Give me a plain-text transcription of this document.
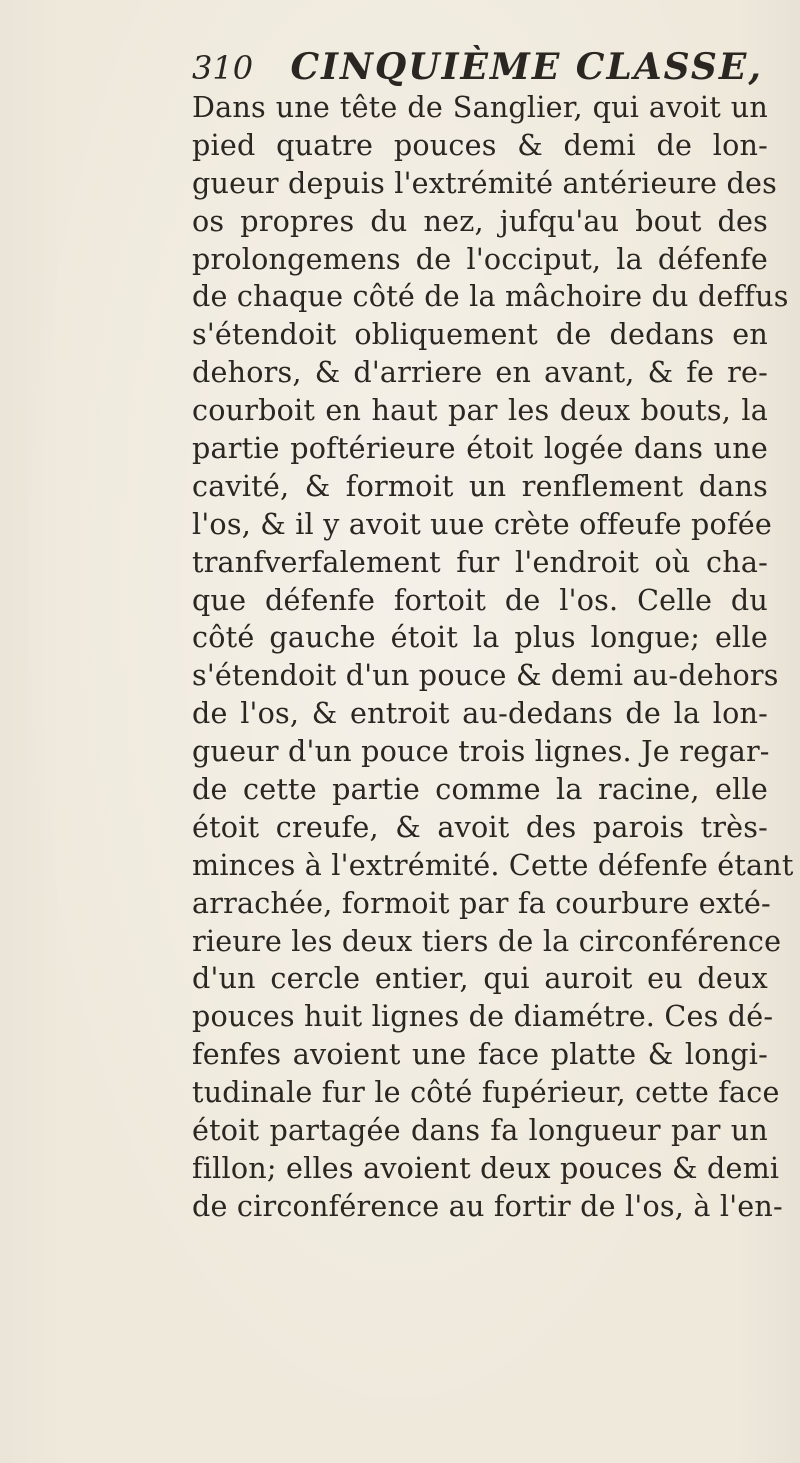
310 CINQUIÈME CLASSE,
Dans une tête de Sanglier, qui avoit un
pied quatre pouces & demi de lon-
gueur depuis l'extrémité antérieure des
os propres du nez, jufqu'au bout des
prolongemens de l'occiput, la défenfe
de chaque côté de la mâchoire du deffus
s'étendoit obliquement de dedans en
dehors, & d'arriere en avant, & fe re-
courboit en haut par les deux bouts, la
partie poftérieure étoit logée dans une
cavité, & formoit un renflement dans
l'os, & il y avoit uue crète offeufe pofée
tranfverfalement fur l'endroit où cha-
que défenfe fortoit de l'os. Celle du
côté gauche étoit la plus longue; elle
s'étendoit d'un pouce & demi au-dehors
de l'os, & entroit au-dedans de la lon-
gueur d'un pouce trois lignes. Je regar-
de cette partie comme la racine, elle
étoit creufe, & avoit des parois très-
minces à l'extrémité. Cette défenfe étant
arrachée, formoit par fa courbure exté-
rieure les deux tiers de la circonférence
d'un cercle entier, qui auroit eu deux
pouces huit lignes de diamétre. Ces dé-
fenfes avoient une face platte & longi-
tudinale fur le côté fupérieur, cette face
étoit partagée dans fa longueur par un
fillon; elles avoient deux pouces & demi
de circonférence au fortir de l'os, à l'en-
